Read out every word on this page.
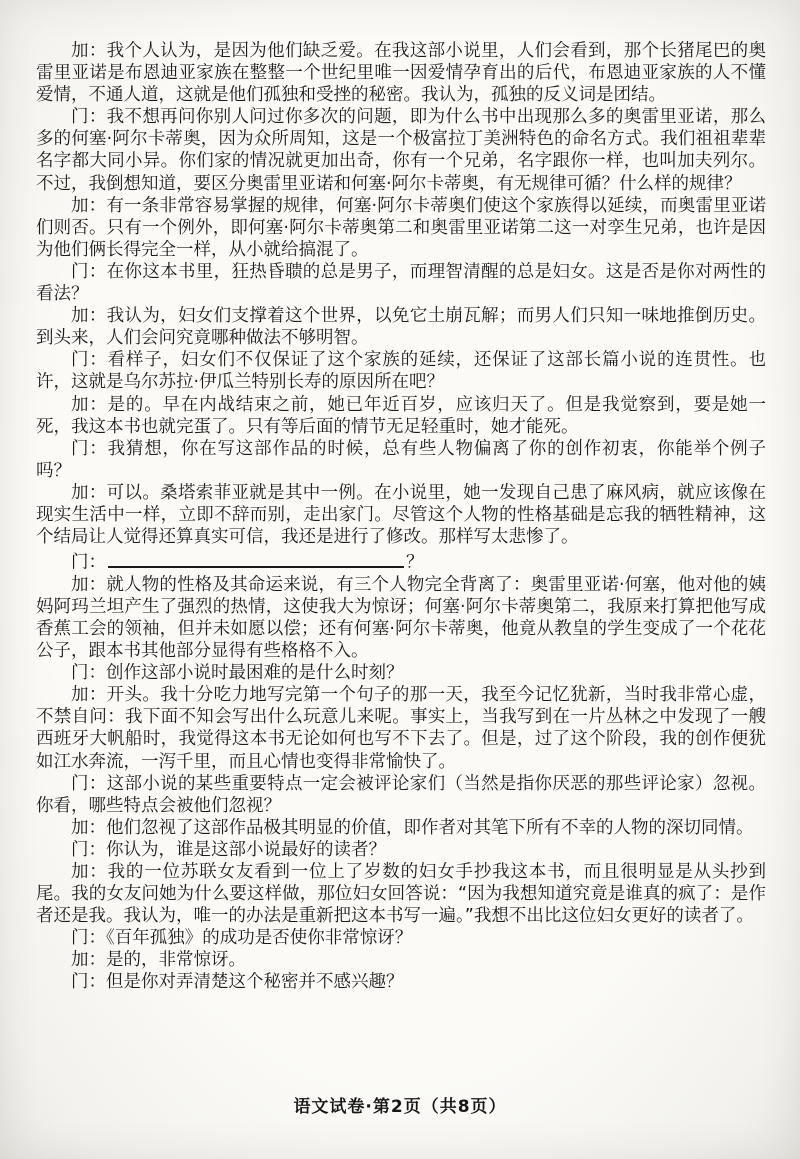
加：我个人认为，是因为他们缺乏爱。在我这部小说里，人们会看到，那个长猪尾巴的奥雷里亚诺是布恩迪亚家族在整整一个世纪里唯一因爱情孕育出的后代，布恩迪亚家族的人不懂爱情，不通人道，这就是他们孤独和受挫的秘密。我认为，孤独的反义词是团结。

门：我不想再问你别人问过你多次的问题，即为什么书中出现那么多的奥雷里亚诺，那么多的何塞·阿尔卡蒂奥，因为众所周知，这是一个极富拉丁美洲特色的命名方式。我们祖祖辈辈名字都大同小异。你们家的情况就更加出奇，你有一个兄弟，名字跟你一样，也叫加夫列尔。不过，我倒想知道，要区分奥雷里亚诺和何塞·阿尔卡蒂奥，有无规律可循？什么样的规律？

加：有一条非常容易掌握的规律，何塞·阿尔卡蒂奥们使这个家族得以延续，而奥雷里亚诺们则否。只有一个例外，即何塞·阿尔卡蒂奥第二和奥雷里亚诺第二这一对孪生兄弟，也许是因为他们俩长得完全一样，从小就给搞混了。

门：在你这本书里，狂热昏聩的总是男子，而理智清醒的总是妇女。这是否是你对两性的看法？

加：我认为，妇女们支撑着这个世界，以免它土崩瓦解；而男人们只知一味地推倒历史。到头来，人们会问究竟哪种做法不够明智。

门：看样子，妇女们不仅保证了这个家族的延续，还保证了这部长篇小说的连贯性。也许，这就是乌尔苏拉·伊瓜兰特别长寿的原因所在吧？

加：是的。早在内战结束之前，她已年近百岁，应该归天了。但是我觉察到，要是她一死，我这本书也就完蛋了。只有等后面的情节无足轻重时，她才能死。

门：我猜想，你在写这部作品的时候，总有些人物偏离了你的创作初衷，你能举个例子吗？

加：可以。桑塔索菲亚就是其中一例。在小说里，她一发现自己患了麻风病，就应该像在现实生活中一样，立即不辞而别，走出家门。尽管这个人物的性格基础是忘我的牺牲精神，这个结局让人觉得还算真实可信，我还是进行了修改。那样写太悲惨了。

门：	？

加：就人物的性格及其命运来说，有三个人物完全背离了：奥雷里亚诺·何塞，他对他的姨妈阿玛兰坦产生了强烈的热情，这使我大为惊讶；何塞·阿尔卡蒂奥第二，我原来打算把他写成香蕉工会的领袖，但并未如愿以偿；还有何塞·阿尔卡蒂奥，他竟从教皇的学生变成了一个花花公子，跟本书其他部分显得有些格格不入。

门：创作这部小说时最困难的是什么时刻？

加：开头。我十分吃力地写完第一个句子的那一天，我至今记忆犹新，当时我非常心虚，不禁自问：我下面不知会写出什么玩意儿来呢。事实上，当我写到在一片丛林之中发现了一艘西班牙大帆船时，我觉得这本书无论如何也写不下去了。但是，过了这个阶段，我的创作便犹如江水奔流，一泻千里，而且心情也变得非常愉快了。

门：这部小说的某些重要特点一定会被评论家们（当然是指你厌恶的那些评论家）忽视。你看，哪些特点会被他们忽视？

加：他们忽视了这部作品极其明显的价值，即作者对其笔下所有不幸的人物的深切同情。

门：你认为，谁是这部小说最好的读者？

加：我的一位苏联女友看到一位上了岁数的妇女手抄我这本书，而且很明显是从头抄到尾。我的女友问她为什么要这样做，那位妇女回答说：“因为我想知道究竟是谁真的疯了：是作者还是我。我认为，唯一的办法是重新把这本书写一遍。”我想不出比这位妇女更好的读者了。

门：《百年孤独》的成功是否使你非常惊讶？

加：是的，非常惊讶。

门：但是你对弄清楚这个秘密并不感兴趣？

语文试卷·第2页（共8页）
